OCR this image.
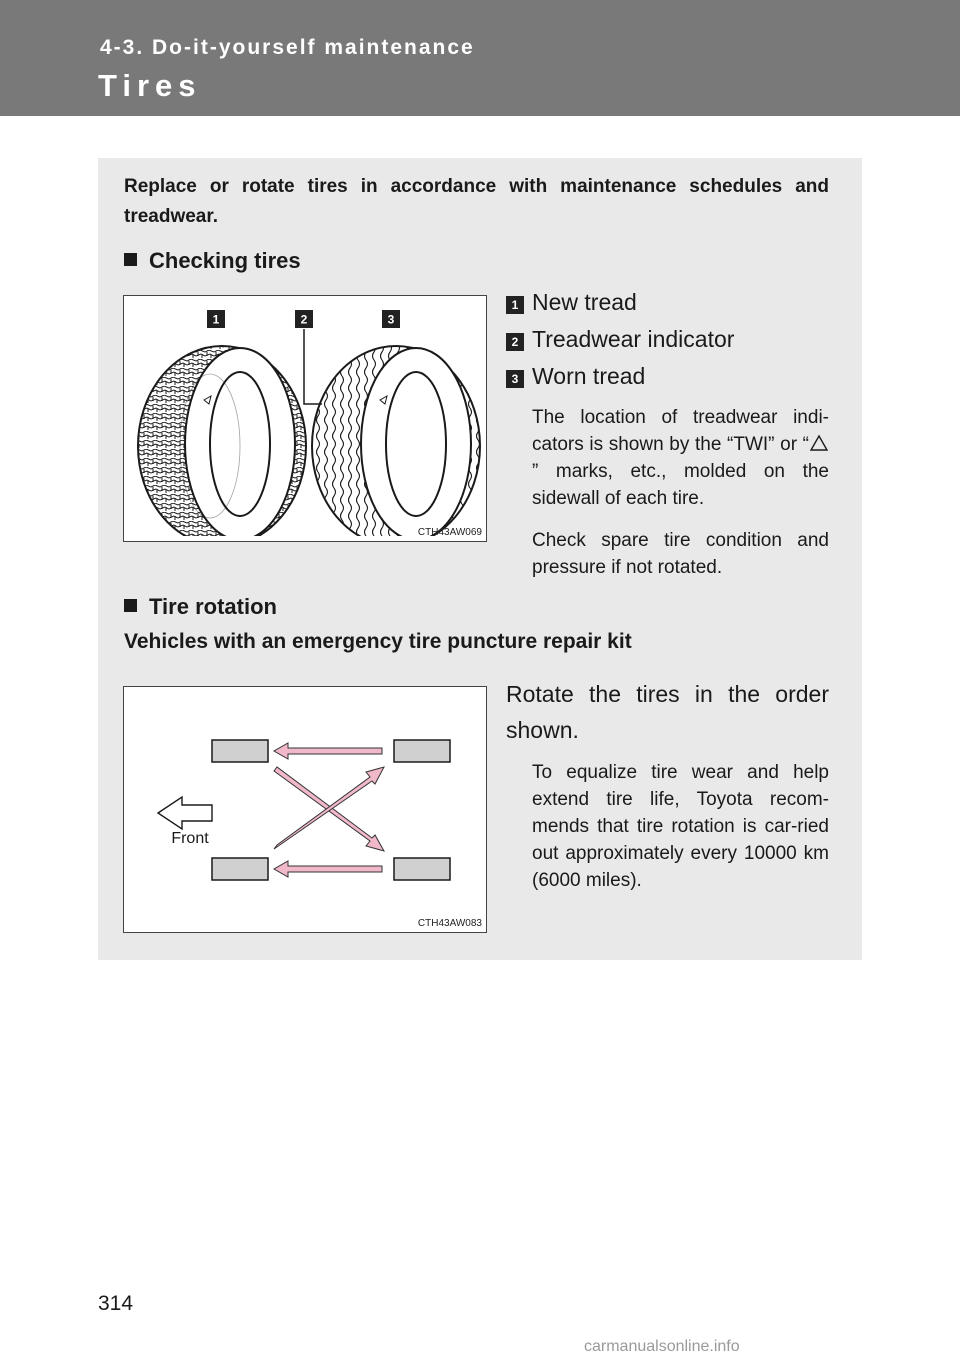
4-3. Do-it-yourself maintenance
Tires
Replace or rotate tires in accordance with maintenance schedules and treadwear.
Checking tires
1	2	3
CTH43AW069
1 New tread
2 Treadwear indicator
3 Worn tread
The location of treadwear indi-cators is shown by the “TWI” or “” marks, etc., molded on the sidewall of each tire.
Check spare tire condition and pressure if not rotated.
Tire rotation
Vehicles with an emergency tire puncture repair kit
Front
CTH43AW083
Rotate the tires in the order shown.
To equalize tire wear and help extend tire life, Toyota recom-mends that tire rotation is car-ried out approximately every 10000 km (6000 miles).
314
carmanualsonline.info
